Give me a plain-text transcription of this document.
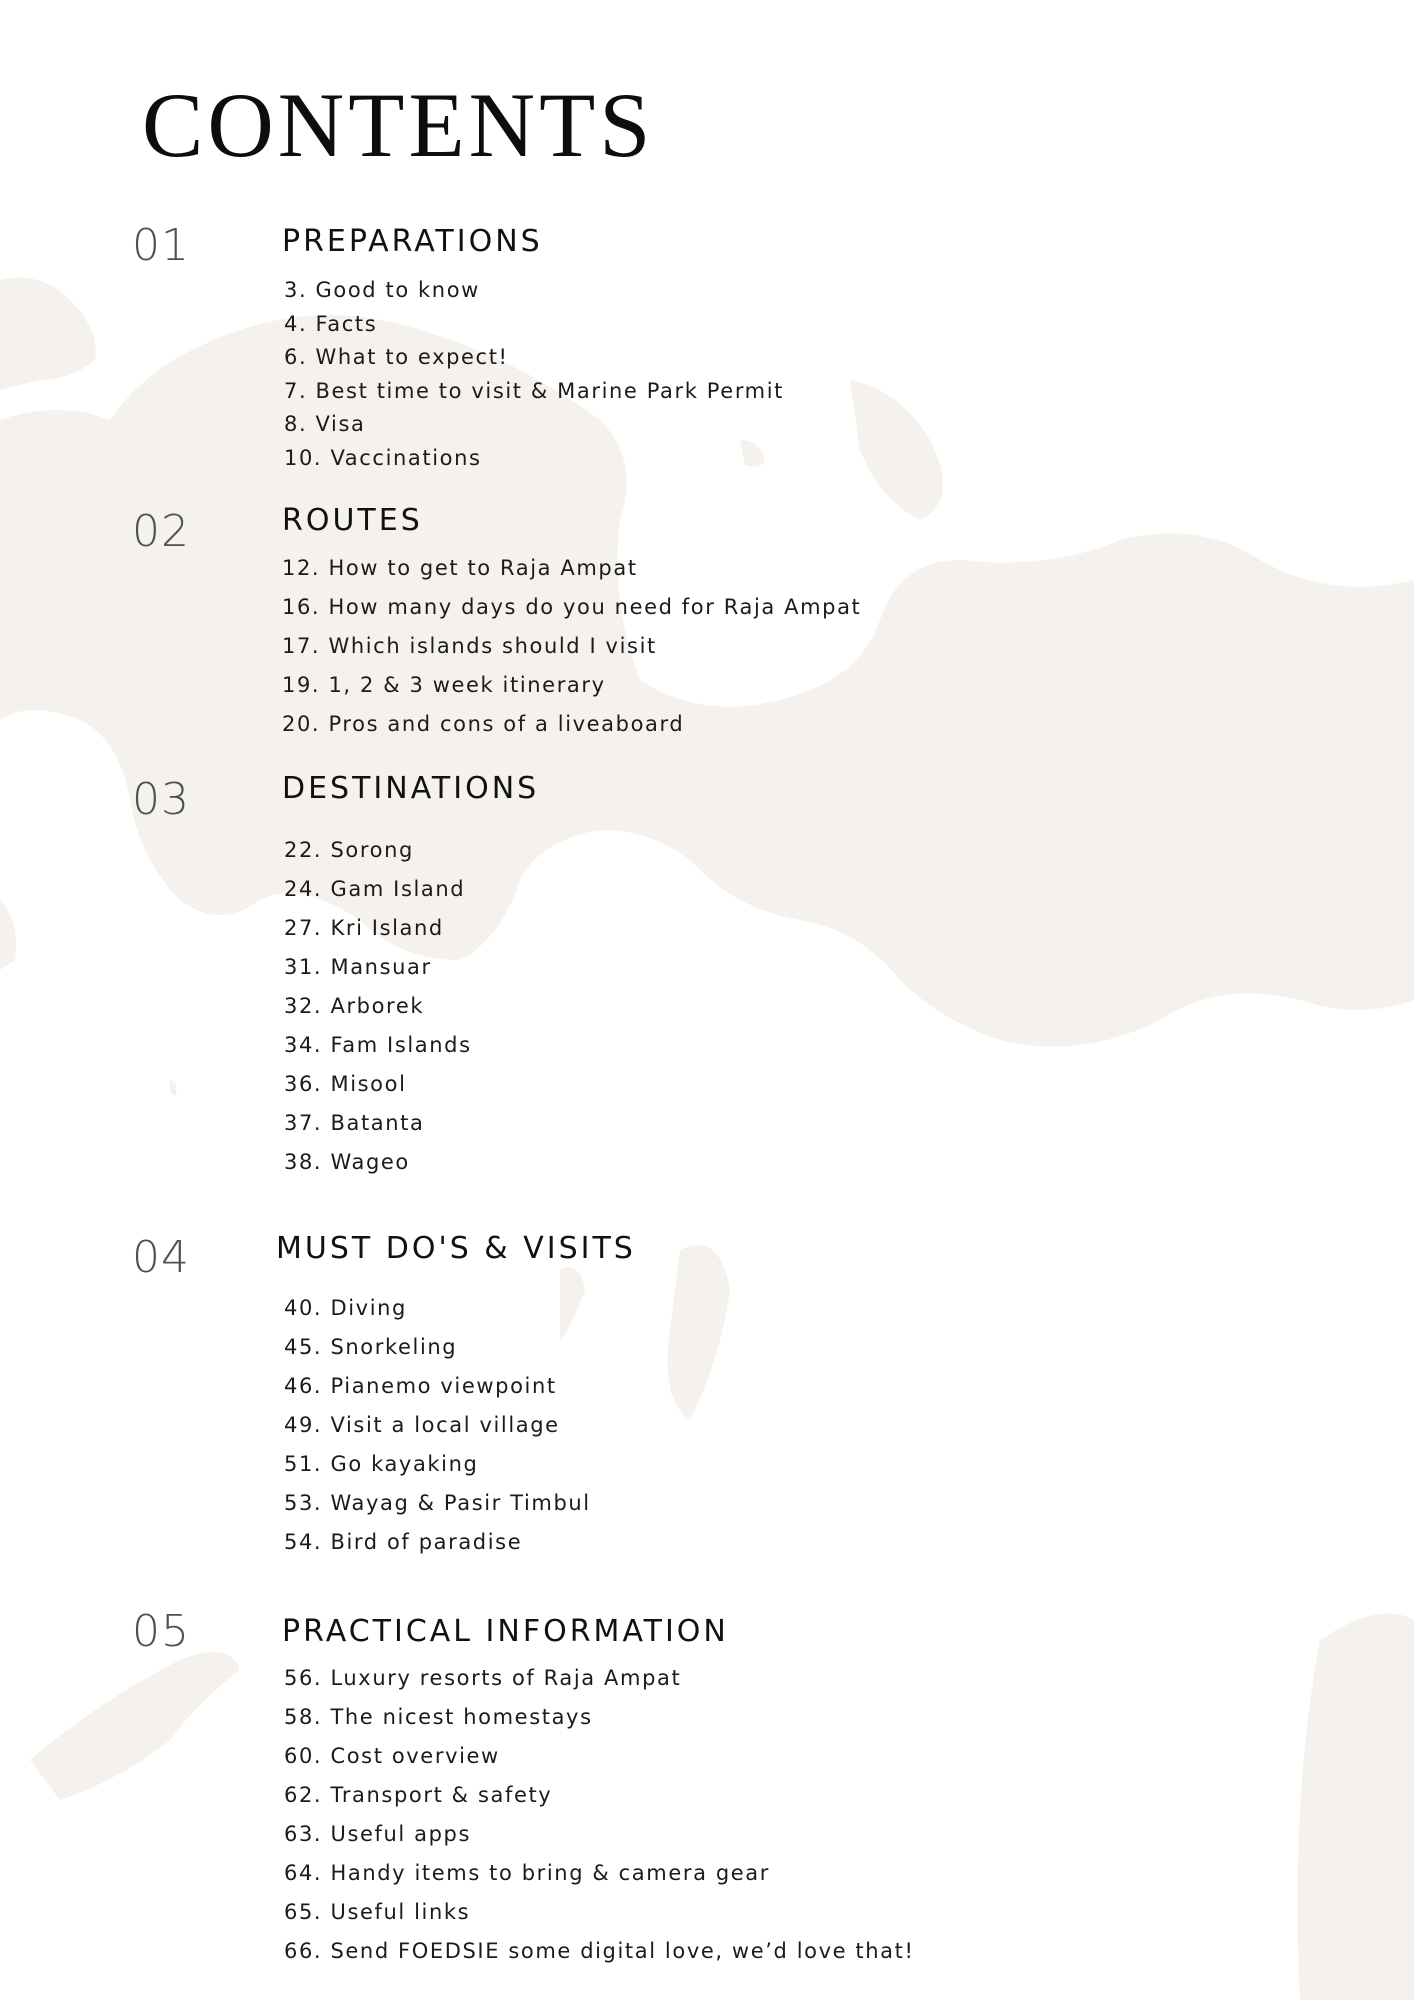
CONTENTS
01	PREPARATIONS
3. Good to know
4. Facts
6. What to expect!
7. Best time to visit & Marine Park Permit
8. Visa
10. Vaccinations
02	ROUTES
12. How to get to Raja Ampat
16. How many days do you need for Raja Ampat
17. Which islands should I visit
19. 1, 2 & 3 week itinerary
20. Pros and cons of a liveaboard
03	DESTINATIONS
22. Sorong
24. Gam Island
27. Kri Island
31. Mansuar
32. Arborek
34. Fam Islands
36. Misool
37. Batanta
38. Wageo
04	MUST DO'S & VISITS
40. Diving
45. Snorkeling
46. Pianemo viewpoint
49. Visit a local village
51. Go kayaking
53. Wayag & Pasir Timbul
54. Bird of paradise
05	PRACTICAL INFORMATION
56. Luxury resorts of Raja Ampat
58. The nicest homestays
60. Cost overview
62. Transport & safety
63. Useful apps
64. Handy items to bring & camera gear
65. Useful links
66. Send FOEDSIE some digital love, we’d love that!
